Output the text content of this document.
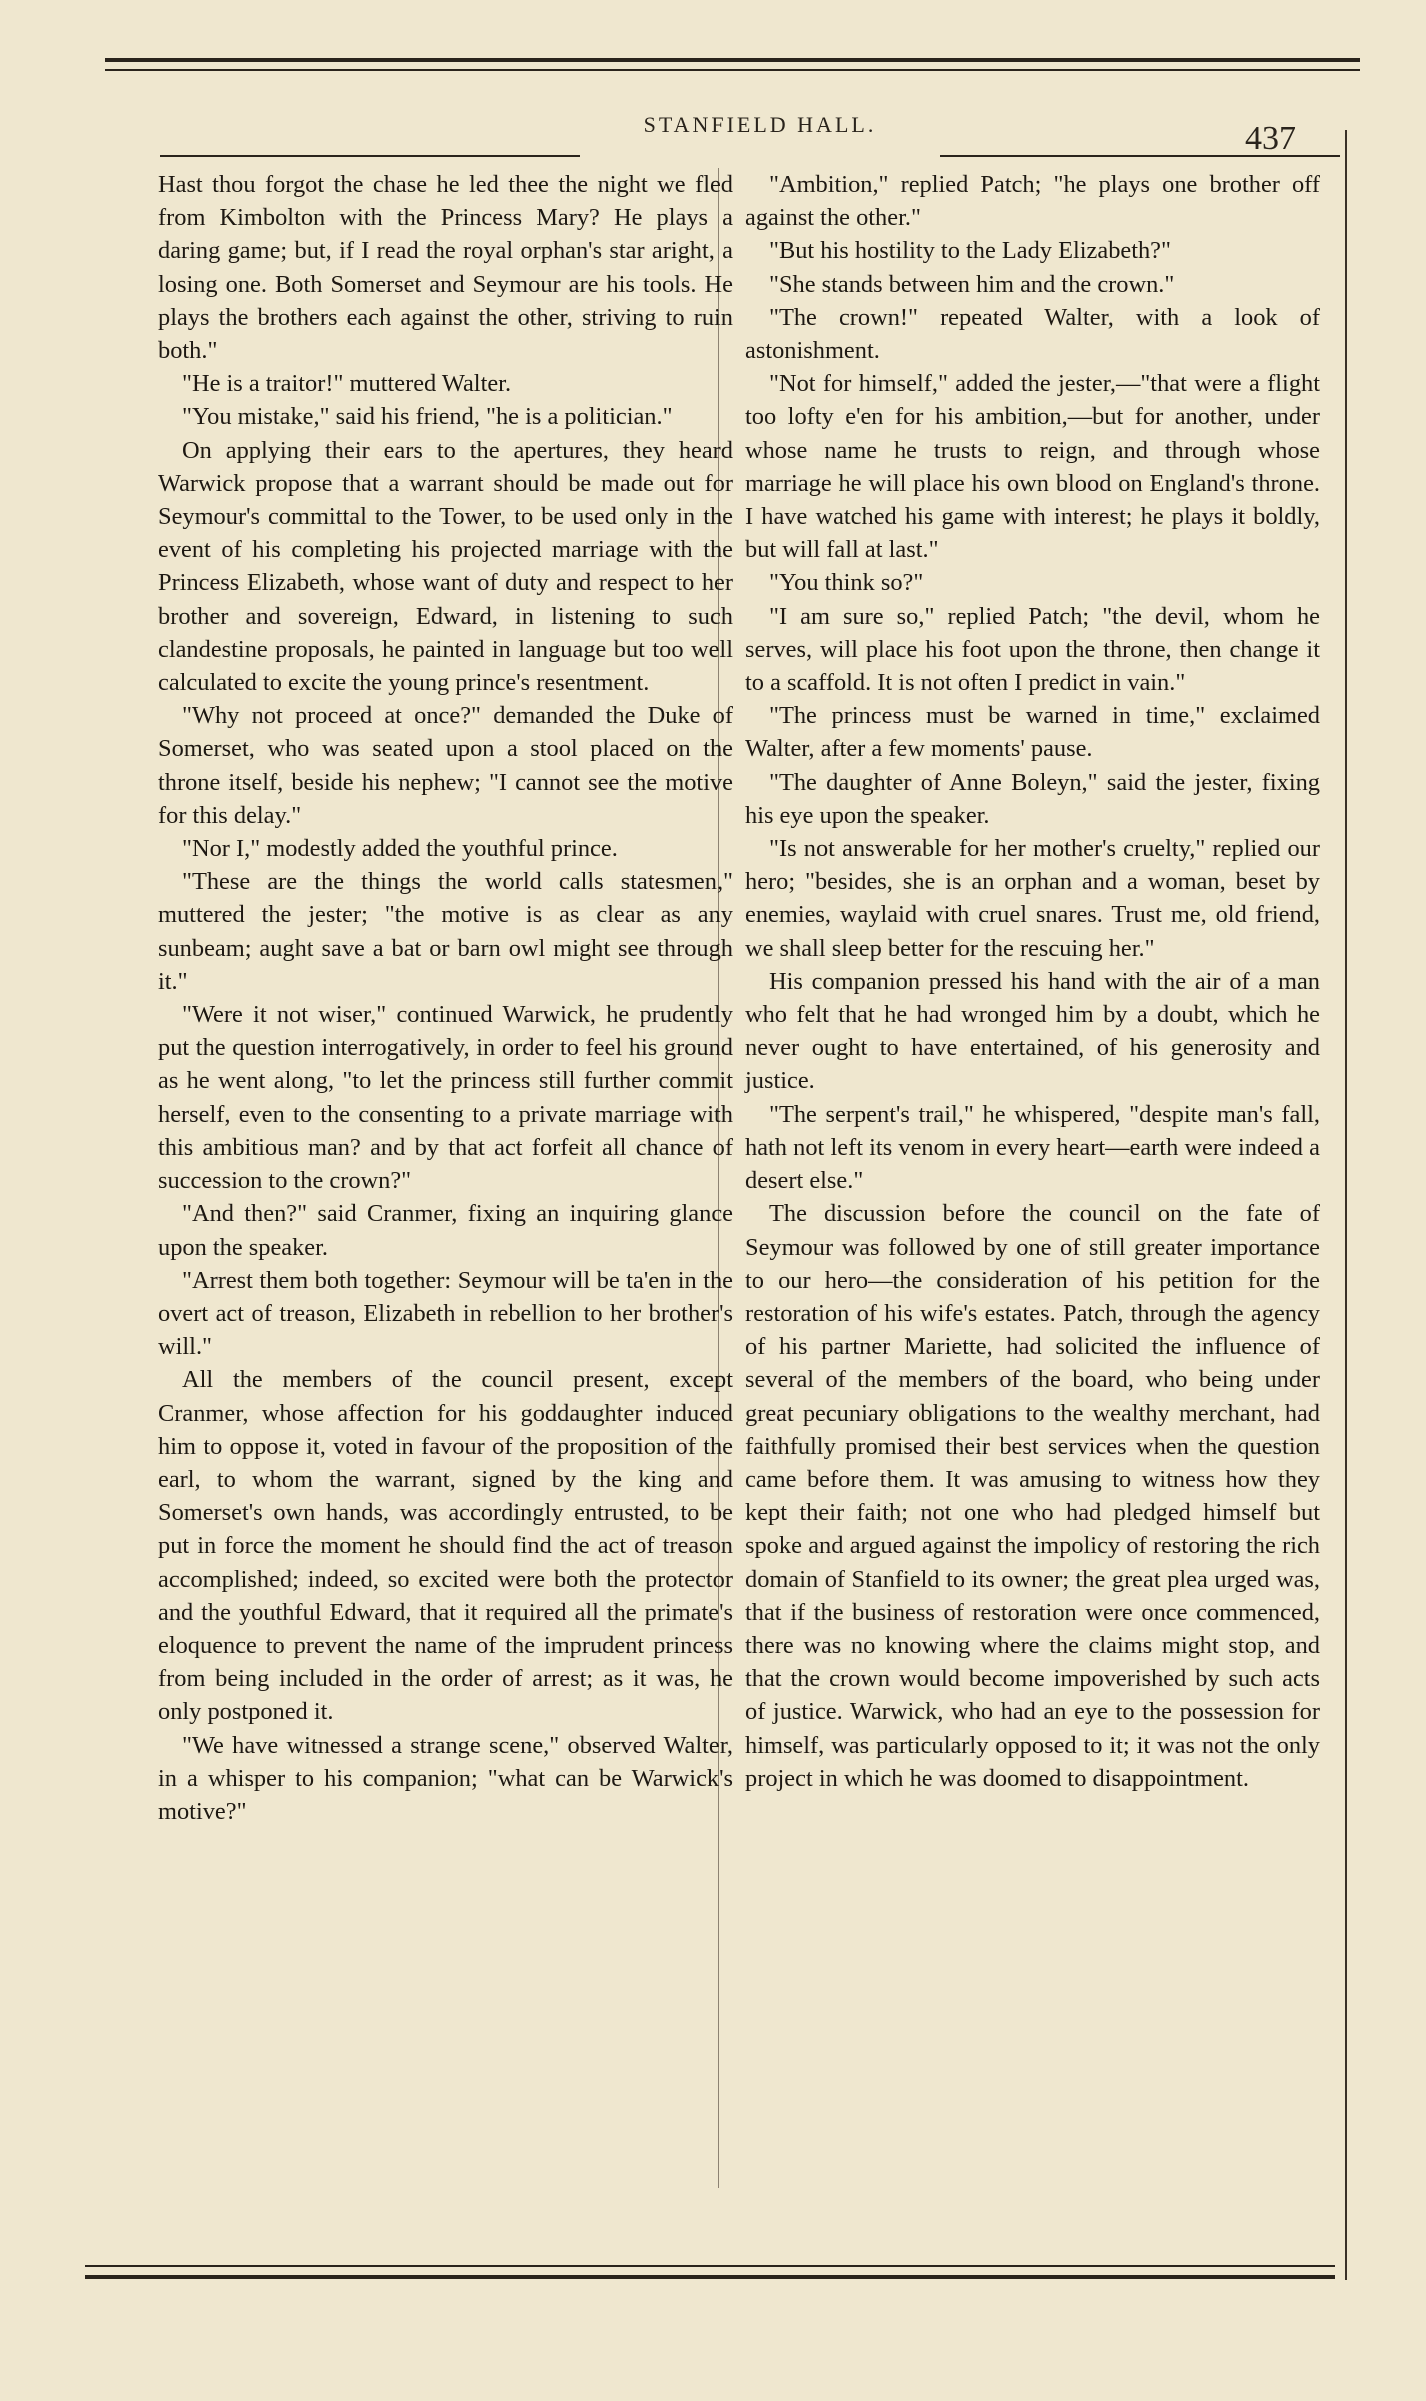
STANFIELD HALL.	437

Hast thou forgot the chase he led thee the night we fled from Kimbolton with the Princess Mary? He plays a daring game; but, if I read the royal orphan's star aright, a losing one. Both Somerset and Seymour are his tools. He plays the brothers each against the other, striving to ruin both."

"He is a traitor!" muttered Walter.

"You mistake," said his friend, "he is a politician."

On applying their ears to the apertures, they heard Warwick propose that a warrant should be made out for Seymour's committal to the Tower, to be used only in the event of his completing his projected marriage with the Princess Elizabeth, whose want of duty and respect to her brother and sovereign, Edward, in listening to such clandestine proposals, he painted in language but too well calculated to excite the young prince's resentment.

"Why not proceed at once?" demanded the Duke of Somerset, who was seated upon a stool placed on the throne itself, beside his nephew; "I cannot see the motive for this delay."

"Nor I," modestly added the youthful prince.

"These are the things the world calls statesmen," muttered the jester; "the motive is as clear as any sunbeam; aught save a bat or barn owl might see through it."

"Were it not wiser," continued Warwick, he prudently put the question interrogatively, in order to feel his ground as he went along, "to let the princess still further commit herself, even to the consenting to a private marriage with this ambitious man? and by that act forfeit all chance of succession to the crown?"

"And then?" said Cranmer, fixing an inquiring glance upon the speaker.

"Arrest them both together: Seymour will be ta'en in the overt act of treason, Elizabeth in rebellion to her brother's will."

All the members of the council present, except Cranmer, whose affection for his goddaughter induced him to oppose it, voted in favour of the proposition of the earl, to whom the warrant, signed by the king and Somerset's own hands, was accordingly entrusted, to be put in force the moment he should find the act of treason accomplished; indeed, so excited were both the protector and the youthful Edward, that it required all the primate's eloquence to prevent the name of the imprudent princess from being included in the order of arrest; as it was, he only postponed it.

"We have witnessed a strange scene," observed Walter, in a whisper to his companion; "what can be Warwick's motive?"

"Ambition," replied Patch; "he plays one brother off against the other."

"But his hostility to the Lady Elizabeth?"

"She stands between him and the crown."

"The crown!" repeated Walter, with a look of astonishment.

"Not for himself," added the jester,—"that were a flight too lofty e'en for his ambition,—but for another, under whose name he trusts to reign, and through whose marriage he will place his own blood on England's throne. I have watched his game with interest; he plays it boldly, but will fall at last."

"You think so?"

"I am sure so," replied Patch; "the devil, whom he serves, will place his foot upon the throne, then change it to a scaffold. It is not often I predict in vain."

"The princess must be warned in time," exclaimed Walter, after a few moments' pause.

"The daughter of Anne Boleyn," said the jester, fixing his eye upon the speaker.

"Is not answerable for her mother's cruelty," replied our hero; "besides, she is an orphan and a woman, beset by enemies, waylaid with cruel snares. Trust me, old friend, we shall sleep better for the rescuing her."

His companion pressed his hand with the air of a man who felt that he had wronged him by a doubt, which he never ought to have entertained, of his generosity and justice.

"The serpent's trail," he whispered, "despite man's fall, hath not left its venom in every heart—earth were indeed a desert else."

The discussion before the council on the fate of Seymour was followed by one of still greater importance to our hero—the consideration of his petition for the restoration of his wife's estates. Patch, through the agency of his partner Mariette, had solicited the influence of several of the members of the board, who being under great pecuniary obligations to the wealthy merchant, had faithfully promised their best services when the question came before them. It was amusing to witness how they kept their faith; not one who had pledged himself but spoke and argued against the impolicy of restoring the rich domain of Stanfield to its owner; the great plea urged was, that if the business of restoration were once commenced, there was no knowing where the claims might stop, and that the crown would become impoverished by such acts of justice. Warwick, who had an eye to the possession for himself, was particularly opposed to it; it was not the only project in which he was doomed to disappointment.
